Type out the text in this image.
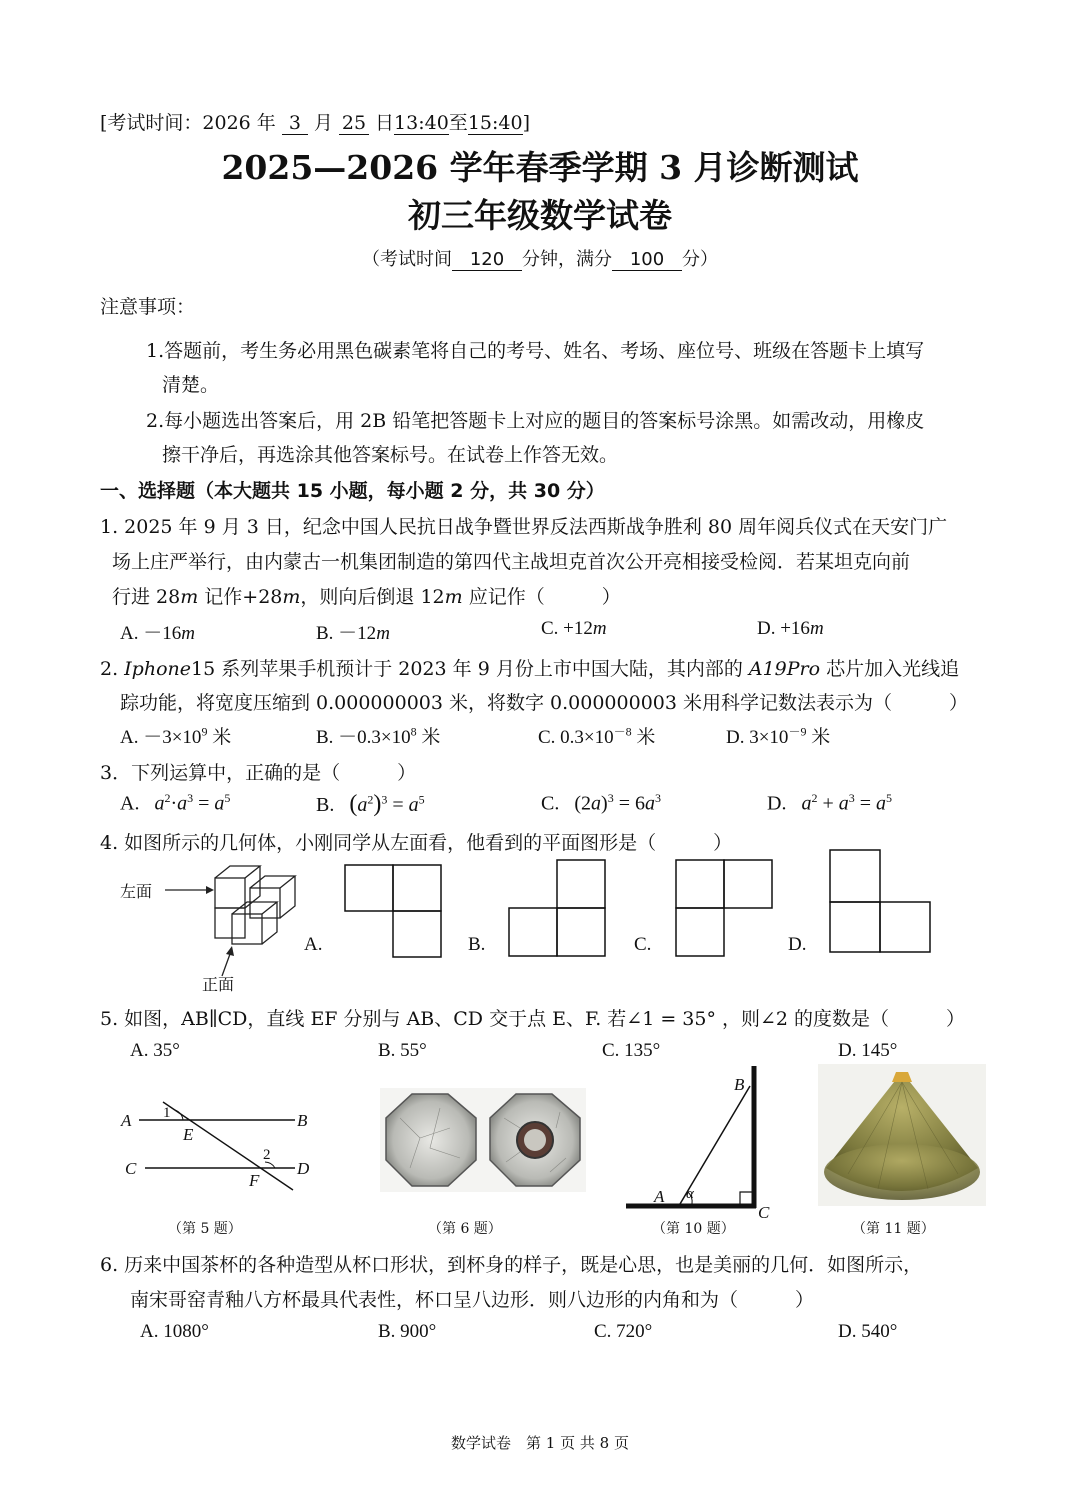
[考试时间：2026 年 3 月 25 日13:40至15:40]
2025—2026 学年春季学期 3 月诊断测试
初三年级数学试卷
（考试时间 120 分钟，满分 100 分）
注意事项：
1.答题前，考生务必用黑色碳素笔将自己的考号、姓名、考场、座位号、班级在答题卡上填写
清楚。
2.每小题选出答案后，用 2B 铅笔把答题卡上对应的题目的答案标号涂黑。如需改动，用橡皮
擦干净后，再选涂其他答案标号。在试卷上作答无效。
一、选择题（本大题共 15 小题，每小题 2 分，共 30 分）
1. 2025 年 9 月 3 日，纪念中国人民抗日战争暨世界反法西斯战争胜利 80 周年阅兵仪式在天安门广
场上庄严举行，由内蒙古一机集团制造的第四代主战坦克首次公开亮相接受检阅．若某坦克向前
行进 28m 记作+28m，则向后倒退 12m 应记作（　　　）
A. －16m	B. －12m	C. +12m	D. +16m
2. Iphone15 系列苹果手机预计于 2023 年 9 月份上市中国大陆，其内部的 A19Pro 芯片加入光线追
踪功能，将宽度压缩到 0.000000003 米，将数字 0.000000003 米用科学记数法表示为（　　　）
A. $-3\times 10^9$ 米	B. $-0.3\times 10^8$ 米	C. $0.3\times 10^{-8}$ 米	D. $3\times 10^{-9}$ 米
3．下列运算中，正确的是（　　　）
A. $a^2\cdot a^3 = a^5$	B. $(a^2)^3 = a^5$	C. $(2a)^3 = 6a^3$	D. $a^2 + a^3 = a^5$
4. 如图所示的几何体，小刚同学从左面看，他看到的平面图形是（　　　）
左面
正面
A.	B.	C.	D.
5. 如图，AB∥CD，直线 EF 分别与 AB、CD 交于点 E、F. 若∠1 = 35° ，则∠2 的度数是（　　　）
A. 35°	B. 55°	C. 135°	D. 145°
A	B
C	D
E
F
1
2
（第 5 题）	（第 6 题）
B
A
C
α
（第 10 题）	（第 11 题）
6. 历来中国茶杯的各种造型从杯口形状，到杯身的样子，既是心思，也是美丽的几何．如图所示，
南宋哥窑青釉八方杯最具代表性，杯口呈八边形．则八边形的内角和为（　　　）
A. 1080°	B. 900°	C. 720°	D. 540°
数学试卷　第 1 页 共 8 页
